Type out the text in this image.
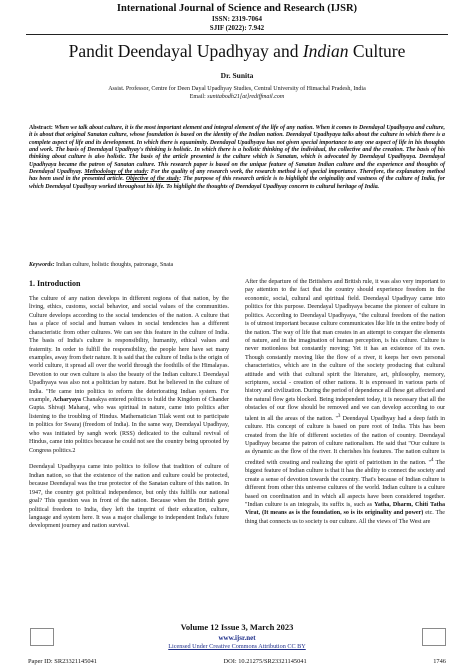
International Journal of Science and Research (IJSR)
ISSN: 2319-7064
SJIF (2022): 7.942
Pandit Deendayal Upadhyay and Indian Culture
Dr. Sunita
Assist. Professor, Centre for Deen Dayal Upadhyay Studies, Central University of Himachal Pradesh, India
Email: sunitabodh21[at]rediffmail.com
Abstract: When we talk about culture, it is the most important element and integral element of the life of any nation. When it comes to Deendayal Upadhyaya and culture, it is about that original Sanatan culture, whose foundation is based on the identity of the Indian nation. Deendayal Upadhyaya talks about the culture in which there is a complete aspect of life and its development. In which there is equanimity. Deendayal Upadhyaya has not given special importance to any one aspect of life in his thoughts and work. The basis of Deendayal Upadhyay's thinking is holistic. In which there is a holistic thinking of the individual, the collective and the creation. The basis of his thinking about culture is also holistic. The basis of the article presented is the culture which is Sanatan, which is advocated by Deendayal Upadhyaya. Deendayal Upadhyaya became the patron of Sanatan culture. This research paper is based on the unique feature of Sanatan Indian culture and the experience and thoughts of Deendayal Upadhyay. Methodology of the study: For the quality of any research work, the research method is of special importance. Therefore, the explanatory method has been used in the presented article. Objective of the study: The purpose of this research article is to highlight the originality and vastness of the culture of India, for which Deendayal Upadhyay worked throughout his life. To highlight the thoughts of Deendayal Upadhyay concern to cultural heritage of India.
Keywords: Indian culture, holistic thoughts, patronage, Snata
1. Introduction

The culture of any nation develops in different regions of that nation, by the living, ethics, customs, social behavior, and social values of the communities. Culture develops according to the social tendencies of the nation. A culture that has a place of social and human values in social tendencies has a different characteristic from other cultures. We can see this feature in the culture of India. The basis of India's culture is responsibility, humanity, ethical values and fraternity. In order to fulfill the responsibility, the people here have set many examples, away from their nature. It is said that the culture of India is the origin of world culture, it spread all over the world through the foothills of the Himalayas. Devotion to our own culture is also the beauty of the Indian culture.1 Deendayal Upadhyaya was also not a politician by nature. But he believed in the culture of India. "He came into politics to reform the deteriorating Indian system. For example, Acharyaya Chanakya entered politics to build the Kingdom of Chander Gupta. Shivaji Maharaj, who was spiritual in nature, came into politics after listening to the troubling of Hindus. Mathematician Tilak went out to participate in politics for Swaraj (freedom of India). In the same way, Deendayal Upadhyay, who was initiated by sangh work (RSS) dedicated to the cultural revival of Hindus, came into politics because he could not see the country being uprooted by Congress politics.2

Deendayal Upadhyaya came into politics to follow that tradition of culture of Indian nation, so that the existence of the nation and culture could be protected, because Deendayal was the true protector of the Sanatan culture of this nation. In 1947, the country got political independence, but only this fulfills our national goal? This question was in front of the nation. Because when the British gave political freedom to India, they left the imprint of their education, culture, language and system here. It was a major challenge to independent India's future development journey and nation survival.

After the departure of the Britishers and British rule, it was also very important to pay attention to the fact that the country should experience freedom in the economic, social, cultural and spiritual field. Deendayal Upadhyay came into politics for this purpose. Deendayal Upadhyaya became the pioneer of culture in politics. According to Deendayal Upadhyaya, "the cultural freedom of the nation is of utmost important because culture communicates like life in the entire body of the nation. The way of life that man creates in an attempt to conquer the elements of nature, and in the imagination of human perception, is his culture. Culture is never motionless but constantly moving; Yet it has an existence of its own. Though constantly moving like the flow of a river, it keeps her own personal characteristics, which are in the culture of the society producing that cultural attitude and with that cultural spirit the literature, art, philosophy, memory, scriptures, social - creation of other nations. It is expressed in various parts of history and civilization. During the period of dependence all these get affected and the natural flow gets blocked. Being independent today, it is necessary that all the obstacles of our flow should be removed and we can develop according to our talent in all the areas of the nation. "$^3$ Deendayal Upadhyay had a deep faith in culture. His concept of culture is based on pure root of India. This has been created from the life of different societies of the nation of country. Deendayal Upadhyay became the patron of culture nationalism. He said that "Our culture is as dynamic as the flow of the river. It cherishes his features. The nation culture is credited with creating and realizing the spirit of patriotism in the nation. "$^4$ The biggest feature of Indian culture is that it has the ability to connect the society and create a sense of devotion towards the country. That's because of Indian culture is different from other this universe cultures of the world. Indian culture is a culture based on coordination and in which all aspects have been considered together. "Indian culture is an integrals, its suffix is, such as Yatha, Dharm, Chiti Tatha Virat, (It means as is the foundation, so is its originality and power) etc. The thing that connects us to society is our culture. All the views of The West are

Volume 12 Issue 3, March 2023
www.ijsr.net
Licensed Under Creative Commons Attribution CC BY
Paper ID: SR23321145041	DOI: 10.21275/SR23321145041	1746
